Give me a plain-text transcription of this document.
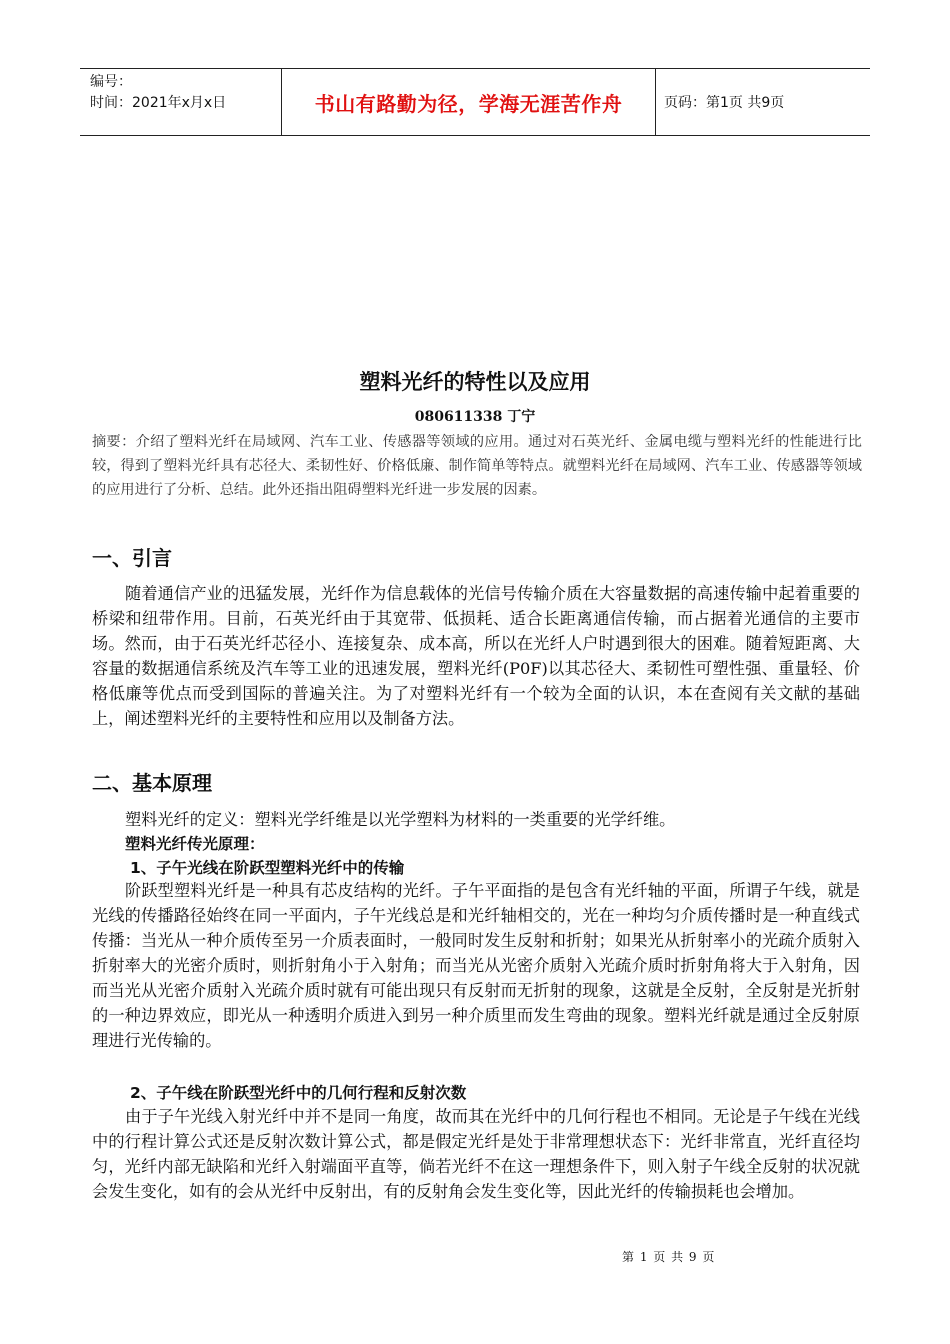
编号：
时间：2021年x月x日	书山有路勤为径，学海无涯苦作舟	页码：第1页 共9页
塑料光纤的特性以及应用
080611338 丁宁
摘要：介绍了塑料光纤在局域网、汽车工业、传感器等领域的应用。通过对石英光纤、金属电缆与塑料光纤的性能进行比较，得到了塑料光纤具有芯径大、柔韧性好、价格低廉、制作简单等特点。就塑料光纤在局域网、汽车工业、传感器等领域的应用进行了分析、总结。此外还指出阻碍塑料光纤进一步发展的因素。
一、引言
随着通信产业的迅猛发展，光纤作为信息载体的光信号传输介质在大容量数据的高速传输中起着重要的桥梁和纽带作用。目前，石英光纤由于其宽带、低损耗、适合长距离通信传输，而占据着光通信的主要市场。然而，由于石英光纤芯径小、连接复杂、成本高，所以在光纤人户时遇到很大的困难。随着短距离、大容量的数据通信系统及汽车等工业的迅速发展，塑料光纤(P0F)以其芯径大、柔韧性可塑性强、重量轻、价格低廉等优点而受到国际的普遍关注。为了对塑料光纤有一个较为全面的认识，本在查阅有关文献的基础上，阐述塑料光纤的主要特性和应用以及制备方法。
二、基本原理
塑料光纤的定义：塑料光学纤维是以光学塑料为材料的一类重要的光学纤维。
塑料光纤传光原理：
1、子午光线在阶跃型塑料光纤中的传输
阶跃型塑料光纤是一种具有芯皮结构的光纤。子午平面指的是包含有光纤轴的平面，所谓子午线，就是光线的传播路径始终在同一平面内，子午光线总是和光纤轴相交的，光在一种均匀介质传播时是一种直线式传播：当光从一种介质传至另一介质表面时，一般同时发生反射和折射；如果光从折射率小的光疏介质射入折射率大的光密介质时，则折射角小于入射角；而当光从光密介质射入光疏介质时折射角将大于入射角，因而当光从光密介质射入光疏介质时就有可能出现只有反射而无折射的现象，这就是全反射，全反射是光折射的一种边界效应，即光从一种透明介质进入到另一种介质里而发生弯曲的现象。塑料光纤就是通过全反射原理进行光传输的。
2、子午线在阶跃型光纤中的几何行程和反射次数
由于子午光线入射光纤中并不是同一角度，故而其在光纤中的几何行程也不相同。无论是子午线在光线中的行程计算公式还是反射次数计算公式，都是假定光纤是处于非常理想状态下：光纤非常直，光纤直径均匀，光纤内部无缺陷和光纤入射端面平直等，倘若光纤不在这一理想条件下，则入射子午线全反射的状况就会发生变化，如有的会从光纤中反射出，有的反射角会发生变化等，因此光纤的传输损耗也会增加。
第 1 页 共 9 页
